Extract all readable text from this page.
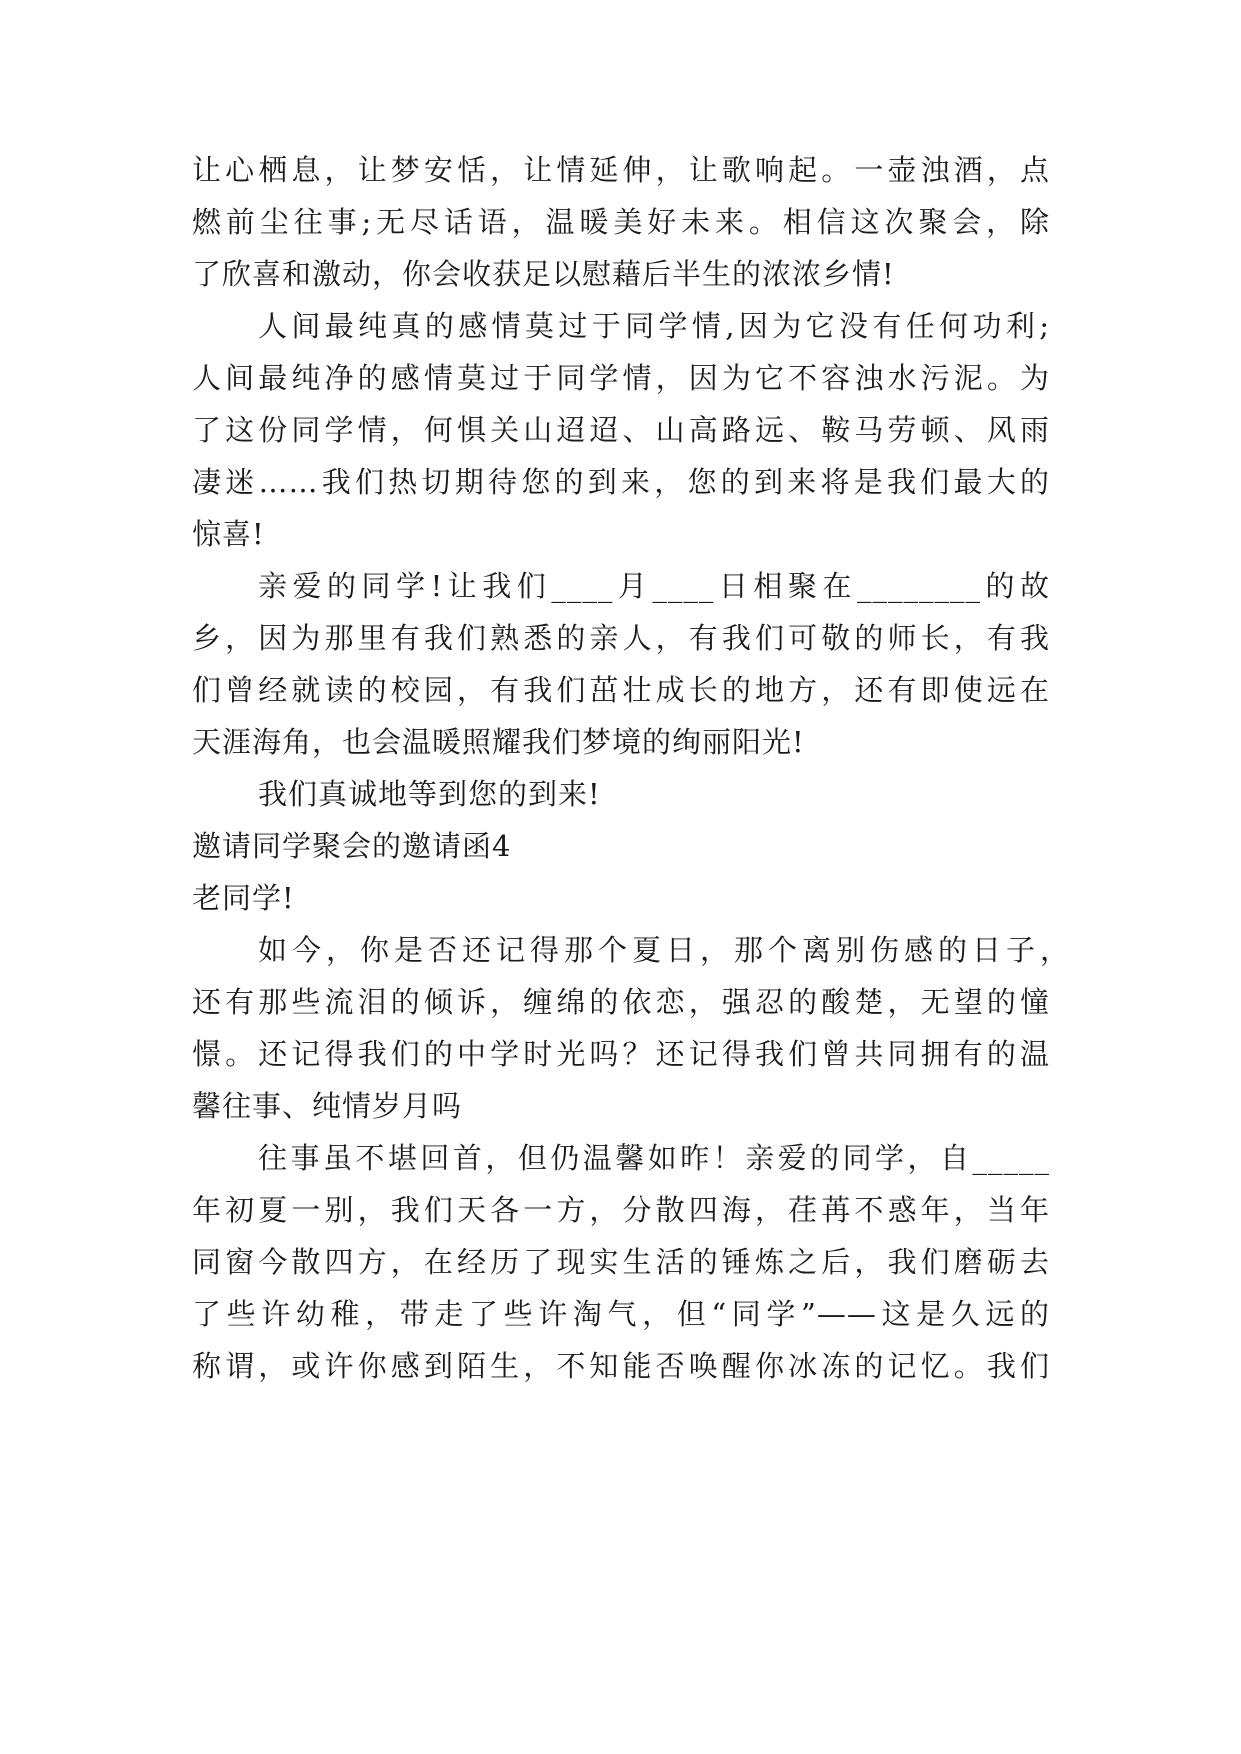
让心栖息，让梦安恬，让情延伸，让歌响起。一壶浊酒，点
燃前尘往事;无尽话语，温暖美好未来。相信这次聚会，除
了欣喜和激动，你会收获足以慰藉后半生的浓浓乡情!
人间最纯真的感情莫过于同学情,因为它没有任何功利;
人间最纯净的感情莫过于同学情，因为它不容浊水污泥。为
了这份同学情，何惧关山迢迢、山高路远、鞍马劳顿、风雨
凄迷……我们热切期待您的到来，您的到来将是我们最大的
惊喜!
亲爱的同学!让我们____月____日相聚在________的故
乡，因为那里有我们熟悉的亲人，有我们可敬的师长，有我
们曾经就读的校园，有我们茁壮成长的地方，还有即使远在
天涯海角，也会温暖照耀我们梦境的绚丽阳光!
我们真诚地等到您的到来!
邀请同学聚会的邀请函4
老同学!
如今，你是否还记得那个夏日，那个离别伤感的日子，
还有那些流泪的倾诉，缠绵的依恋，强忍的酸楚，无望的憧
憬。还记得我们的中学时光吗？还记得我们曾共同拥有的温
馨往事、纯情岁月吗
往事虽不堪回首，但仍温馨如昨！亲爱的同学，自_____
年初夏一别，我们天各一方，分散四海，荏苒不惑年，当年
同窗今散四方，在经历了现实生活的锤炼之后，我们磨砺去
了些许幼稚，带走了些许淘气，但“同学”——这是久远的
称谓，或许你感到陌生，不知能否唤醒你冰冻的记忆。我们
